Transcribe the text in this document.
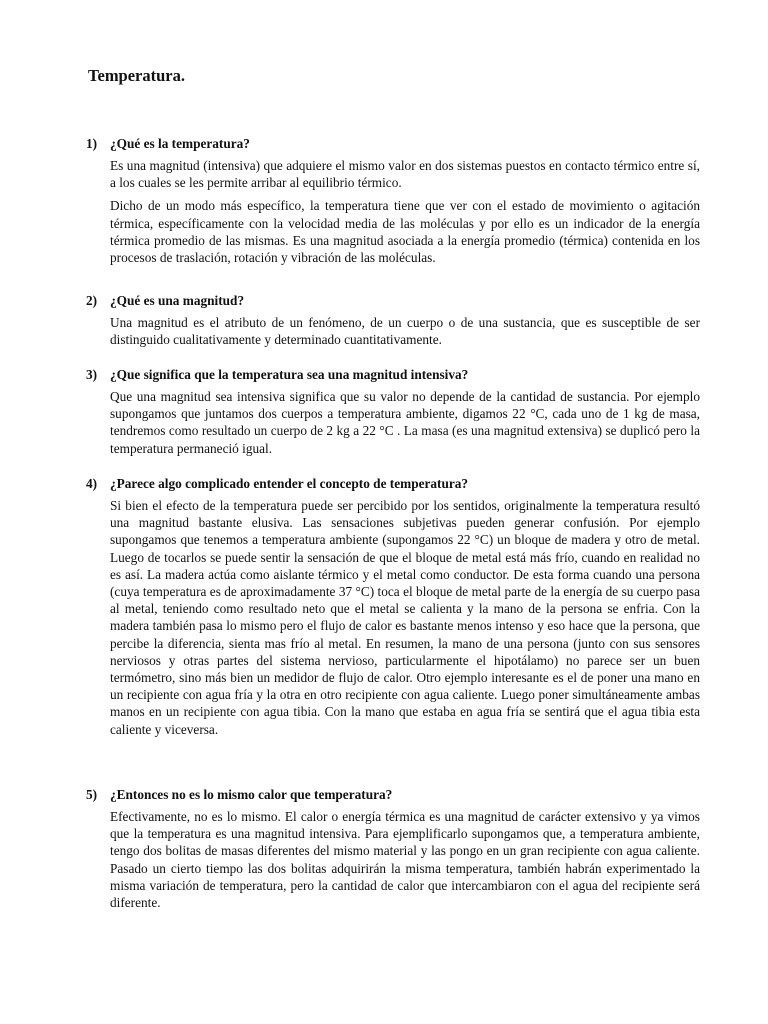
Temperatura.
1) ¿Qué es la temperatura?

Es una magnitud (intensiva) que adquiere el mismo valor en dos sistemas puestos en contacto térmico entre sí, a los cuales se les permite arribar al equilibrio térmico.

Dicho de un modo más específico, la temperatura tiene que ver con el estado de movimiento o agitación térmica, específicamente con la velocidad media de las moléculas y por ello es un indicador de la energía térmica promedio de las mismas. Es una magnitud asociada a la energía promedio (térmica) contenida en los procesos de traslación, rotación y vibración de las moléculas.

2) ¿Qué es una magnitud?

Una magnitud es el atributo de un fenómeno, de un cuerpo o de una sustancia, que es susceptible de ser distinguido cualitativamente y determinado cuantitativamente.

3) ¿Que significa que la temperatura sea una magnitud intensiva?

Que una magnitud sea intensiva significa que su valor no depende de la cantidad de sustancia. Por ejemplo supongamos que juntamos dos cuerpos a temperatura ambiente, digamos 22 °C, cada uno de 1 kg de masa, tendremos como resultado un cuerpo de 2 kg a 22 °C . La masa (es una magnitud extensiva) se duplicó pero la temperatura permaneció igual.

4) ¿Parece algo complicado entender el concepto de temperatura?

Si bien el efecto de la temperatura puede ser percibido por los sentidos, originalmente la temperatura resultó una magnitud bastante elusiva. Las sensaciones subjetivas pueden generar confusión. Por ejemplo supongamos que tenemos a temperatura ambiente (supongamos 22 °C) un bloque de madera y otro de metal. Luego de tocarlos se puede sentir la sensación de que el bloque de metal está más frío, cuando en realidad no es así. La madera actúa como aislante térmico y el metal como conductor. De esta forma cuando una persona (cuya temperatura es de aproximadamente 37 °C) toca el bloque de metal parte de la energía de su cuerpo pasa al metal, teniendo como resultado neto que el metal se calienta y la mano de la persona se enfria. Con la madera también pasa lo mismo pero el flujo de calor es bastante menos intenso y eso hace que la persona, que percibe la diferencia, sienta mas frío al metal. En resumen, la mano de una persona (junto con sus sensores nerviosos y otras partes del sistema nervioso, particularmente el hipotálamo) no parece ser un buen termómetro, sino más bien un medidor de flujo de calor. Otro ejemplo interesante es el de poner una mano en un recipiente con agua fría y la otra en otro recipiente con agua caliente. Luego poner simultáneamente ambas manos en un recipiente con agua tibia. Con la mano que estaba en agua fría se sentirá que el agua tibia esta caliente y viceversa.

5) ¿Entonces no es lo mismo calor que temperatura?

Efectivamente, no es lo mismo. El calor o energía térmica es una magnitud de carácter extensivo y ya vimos que la temperatura es una magnitud intensiva. Para ejemplificarlo supongamos que, a temperatura ambiente, tengo dos bolitas de masas diferentes del mismo material y las pongo en un gran recipiente con agua caliente. Pasado un cierto tiempo las dos bolitas adquirirán la misma temperatura, también habrán experimentado la misma variación de temperatura, pero la cantidad de calor que intercambiaron con el agua del recipiente será diferente.
